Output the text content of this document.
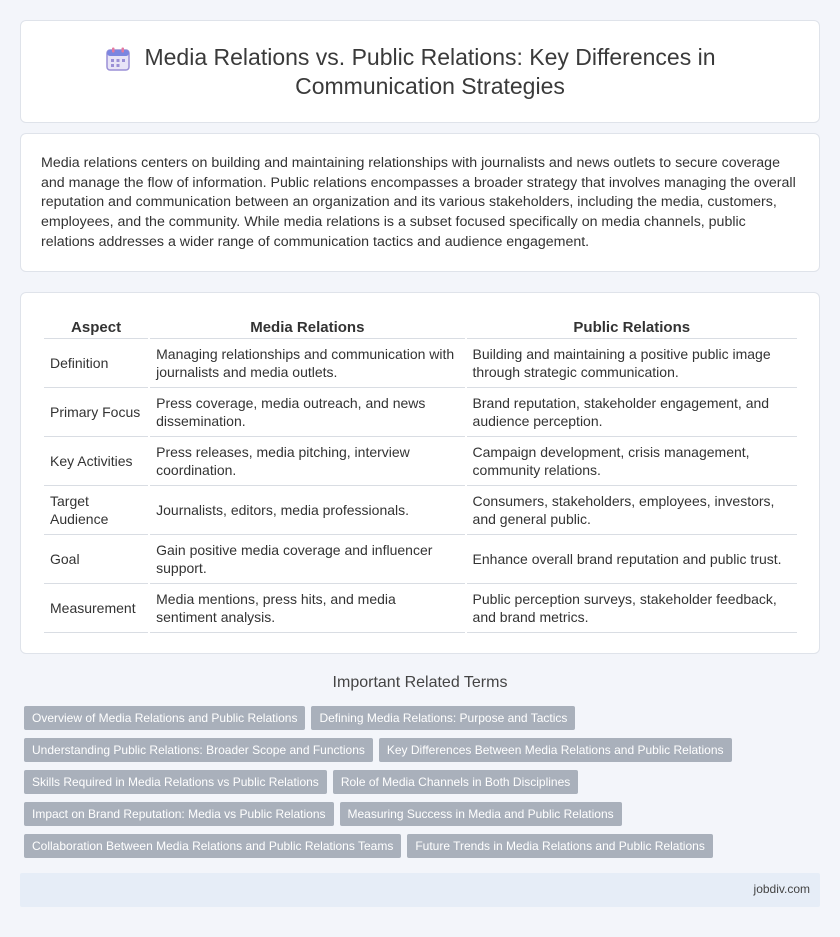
Media Relations vs. Public Relations: Key Differences in Communication Strategies

Media relations centers on building and maintaining relationships with journalists and news outlets to secure coverage and manage the flow of information. Public relations encompasses a broader strategy that involves managing the overall reputation and communication between an organization and its various stakeholders, including the media, customers, employees, and the community. While media relations is a subset focused specifically on media channels, public relations addresses a wider range of communication tactics and audience engagement.

Aspect	Media Relations	Public Relations
Definition	Managing relationships and communication with journalists and media outlets.	Building and maintaining a positive public image through strategic communication.
Primary Focus	Press coverage, media outreach, and news dissemination.	Brand reputation, stakeholder engagement, and audience perception.
Key Activities	Press releases, media pitching, interview coordination.	Campaign development, crisis management, community relations.
Target Audience	Journalists, editors, media professionals.	Consumers, stakeholders, employees, investors, and general public.
Goal	Gain positive media coverage and influencer support.	Enhance overall brand reputation and public trust.
Measurement	Media mentions, press hits, and media sentiment analysis.	Public perception surveys, stakeholder feedback, and brand metrics.
Important Related Terms
Overview of Media Relations and Public Relations Defining Media Relations: Purpose and Tactics
Understanding Public Relations: Broader Scope and Functions Key Differences Between Media Relations and Public Relations
Skills Required in Media Relations vs Public Relations Role of Media Channels in Both Disciplines
Impact on Brand Reputation: Media vs Public Relations Measuring Success in Media and Public Relations
Collaboration Between Media Relations and Public Relations Teams Future Trends in Media Relations and Public Relations
jobdiv.com
